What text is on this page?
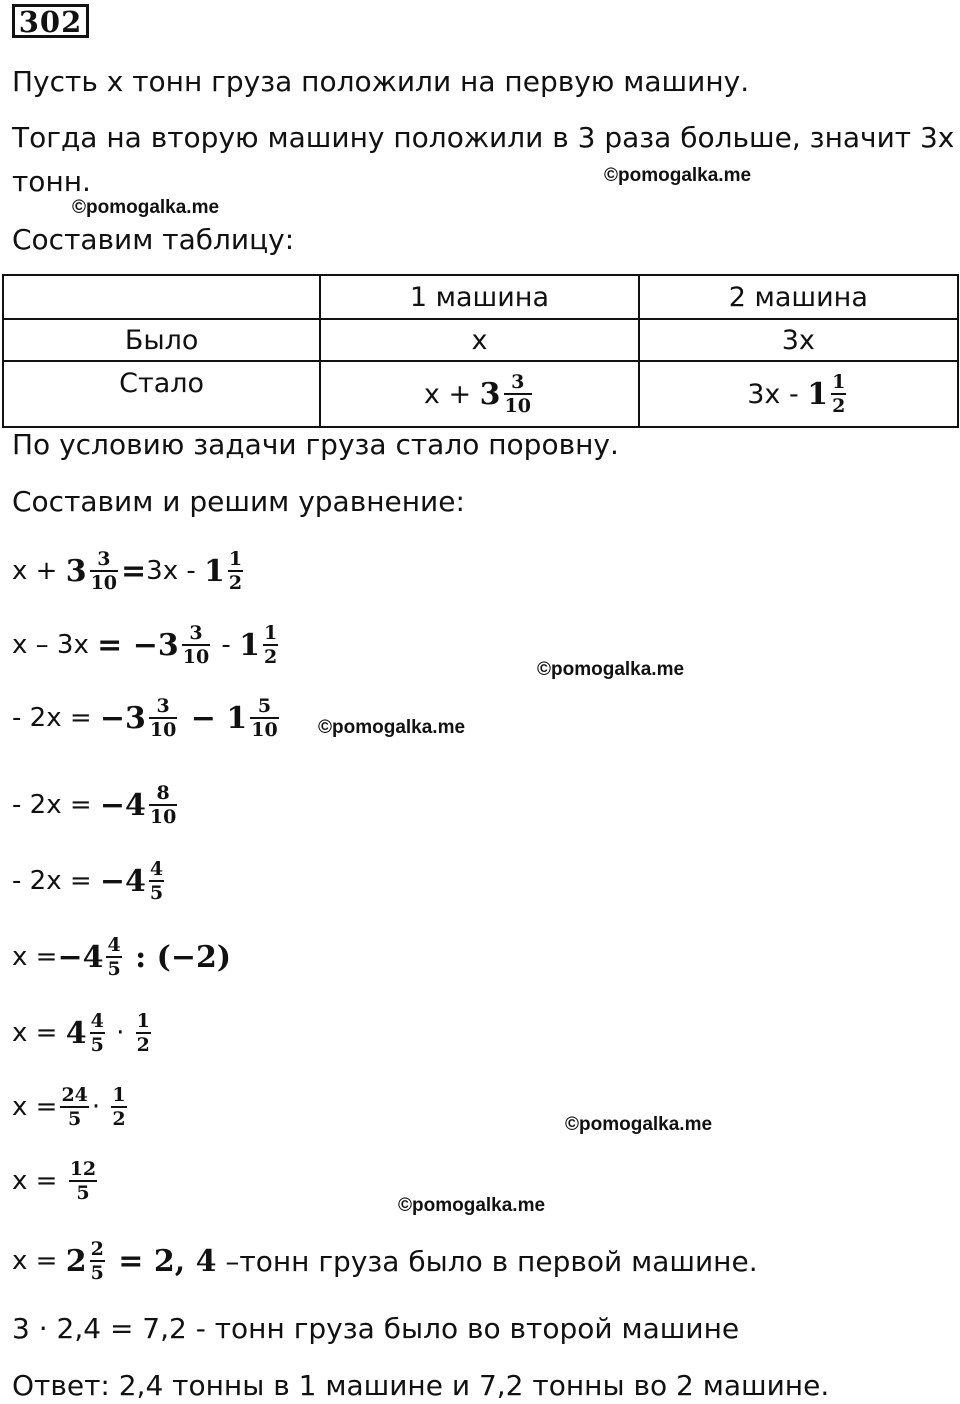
302
Пусть х тонн груза положили на первую машину.
Тогда на вторую машину положили в 3 раза больше, значит 3х
тонн.	©pomogalka.me
©pomogalka.me
Составим таблицу:
	1 машина	2 машина
Было	х	3х
Стало	$х + 3 \frac{3}{10}$	$3х - 1 \frac{1}{2}$
По условию задачи груза стало поровну.
Составим и решим уравнение:
$х + 3 \frac{3}{10} = 3х - 1 \frac{1}{2}$
$х - 3х = -3 \frac{3}{10} - 1 \frac{1}{2}$
©pomogalka.me
- $2х = -3 \frac{3}{10} - 1 \frac{5}{10}$ ©pomogalka.me
- $2х = -4 \frac{8}{10}$
- $2х = -4 \frac{4}{5}$
$х = -4 \frac{4}{5}$ : (−2)
$х = 4 \frac{4}{5} \cdot \frac{1}{2}$
$х = \frac{24}{5} \cdot \frac{1}{2}$	©pomogalka.me
$х = \frac{12}{5}$
©pomogalka.me
$х = 2 \frac{2}{5} = 2$, 4 –тонн груза было в первой машине.
3 · 2,4 = 7,2 - тонн груза было во второй машине
Ответ: 2,4 тонны в 1 машине и 7,2 тонны во 2 машине.
